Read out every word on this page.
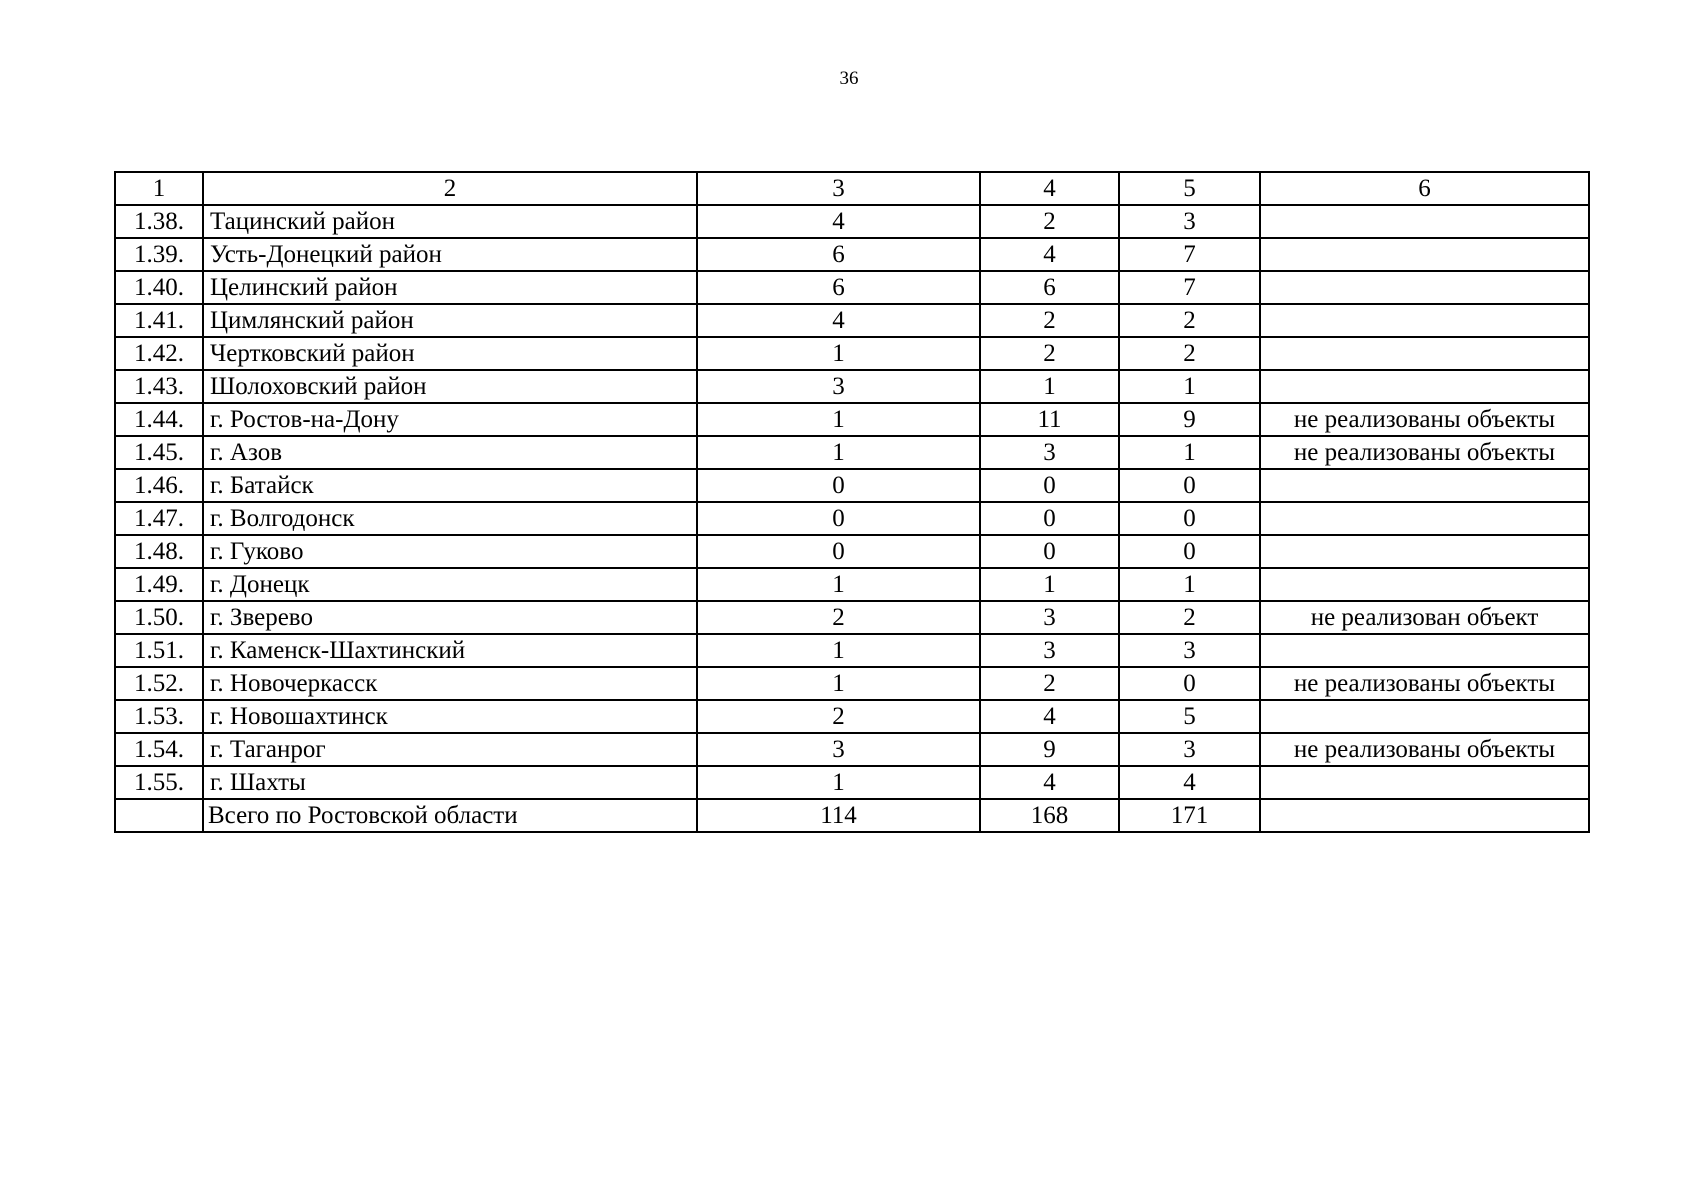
36
1	2	3	4	5	6
1.38.	Тацинский район	4	2	3	
1.39.	Усть-Донецкий район	6	4	7	
1.40.	Целинский район	6	6	7	
1.41.	Цимлянский район	4	2	2	
1.42.	Чертковский район	1	2	2	
1.43.	Шолоховский район	3	1	1	
1.44.	г. Ростов-на-Дону	1	11	9	не реализованы объекты
1.45.	г. Азов	1	3	1	не реализованы объекты
1.46.	г. Батайск	0	0	0	
1.47.	г. Волгодонск	0	0	0	
1.48.	г. Гуково	0	0	0	
1.49.	г. Донецк	1	1	1	
1.50.	г. Зверево	2	3	2	не реализован объект
1.51.	г. Каменск-Шахтинский	1	3	3	
1.52.	г. Новочеркасск	1	2	0	не реализованы объекты
1.53.	г. Новошахтинск	2	4	5	
1.54.	г. Таганрог	3	9	3	не реализованы объекты
1.55.	г. Шахты	1	4	4	
	Всего по Ростовской области	114	168	171	
